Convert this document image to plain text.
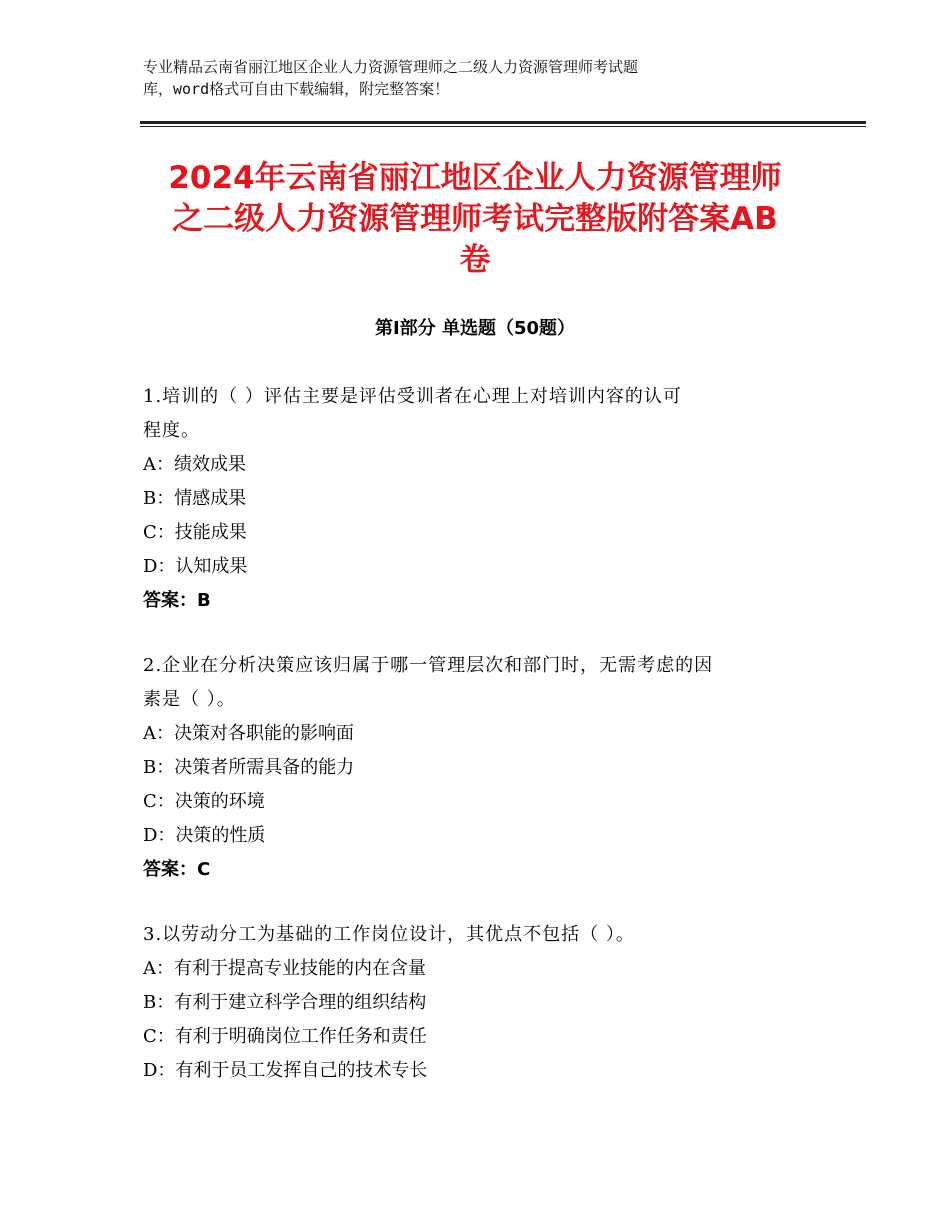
专业精品云南省丽江地区企业人力资源管理师之二级人力资源管理师考试题
库，word格式可自由下载编辑，附完整答案！
2024年云南省丽江地区企业人力资源管理师
之二级人力资源管理师考试完整版附答案AB
卷
第Ⅰ部分 单选题（50题）
1.培训的（ ）评估主要是评估受训者在心理上对培训内容的认可
程度。
A：绩效成果
B：情感成果
C：技能成果
D：认知成果
答案：B
2.企业在分析决策应该归属于哪一管理层次和部门时，无需考虑的因
素是（ ）。
A：决策对各职能的影响面
B：决策者所需具备的能力
C：决策的环境
D：决策的性质
答案：C
3.以劳动分工为基础的工作岗位设计，其优点不包括（ ）。
A：有利于提高专业技能的内在含量
B：有利于建立科学合理的组织结构
C：有利于明确岗位工作任务和责任
D：有利于员工发挥自己的技术专长
